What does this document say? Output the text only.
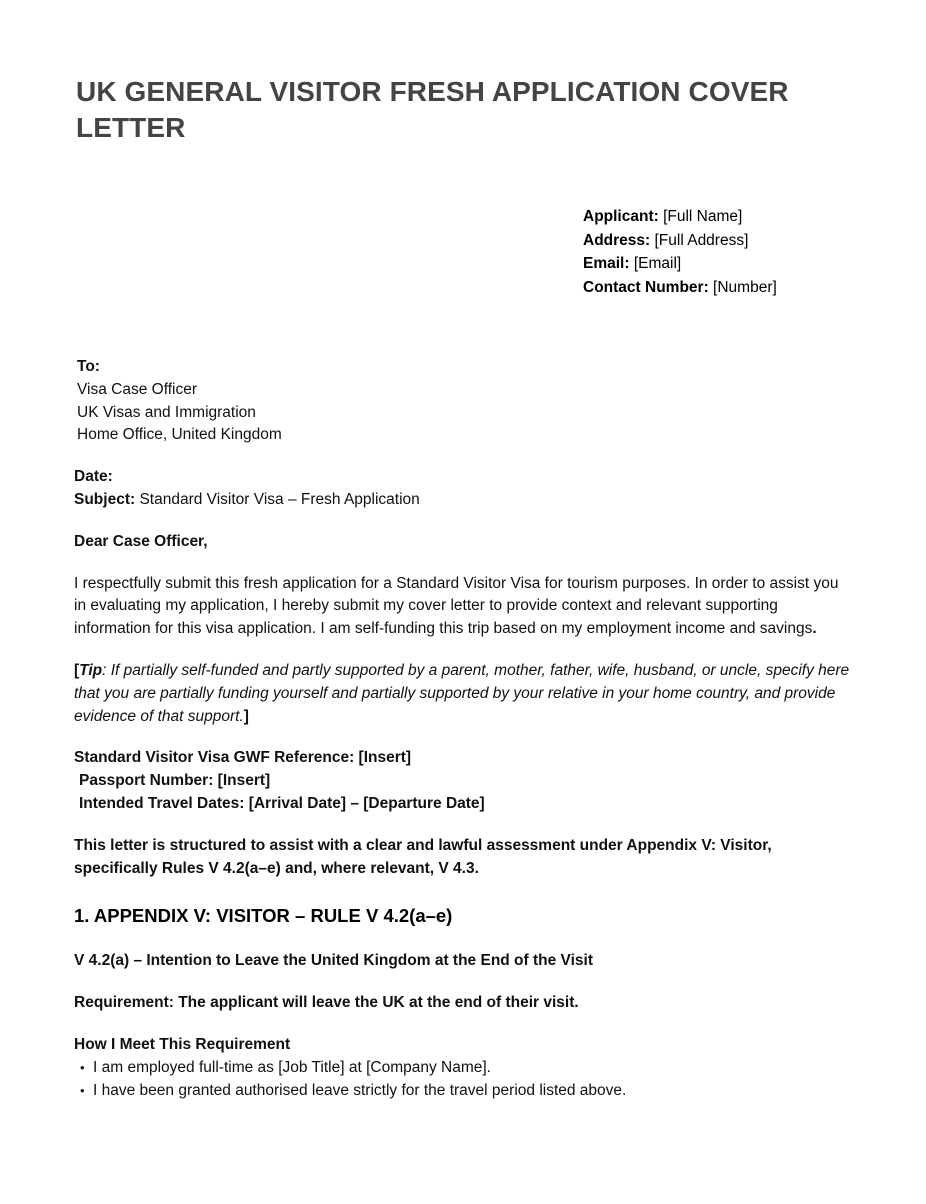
UK GENERAL VISITOR FRESH APPLICATION COVER LETTER
Applicant: [Full Name]
Address: [Full Address]
Email: [Email]
Contact Number: [Number]
To:
Visa Case Officer
UK Visas and Immigration
Home Office, United Kingdom
Date:
Subject: Standard Visitor Visa – Fresh Application
Dear Case Officer,
I respectfully submit this fresh application for a Standard Visitor Visa for tourism purposes. In order to assist you in evaluating my application, I hereby submit my cover letter to provide context and relevant supporting information for this visa application. I am self-funding this trip based on my employment income and savings.
[Tip: If partially self-funded and partly supported by a parent, mother, father, wife, husband, or uncle, specify here that you are partially funding yourself and partially supported by your relative in your home country, and provide evidence of that support.]
Standard Visitor Visa GWF Reference: [Insert]
Passport Number: [Insert]
Intended Travel Dates: [Arrival Date] – [Departure Date]
This letter is structured to assist with a clear and lawful assessment under Appendix V: Visitor, specifically Rules V 4.2(a–e) and, where relevant, V 4.3.
1. APPENDIX V: VISITOR – RULE V 4.2(a–e)
V 4.2(a) – Intention to Leave the United Kingdom at the End of the Visit
Requirement: The applicant will leave the UK at the end of their visit.
How I Meet This Requirement
• I am employed full-time as [Job Title] at [Company Name].
• I have been granted authorised leave strictly for the travel period listed above.
